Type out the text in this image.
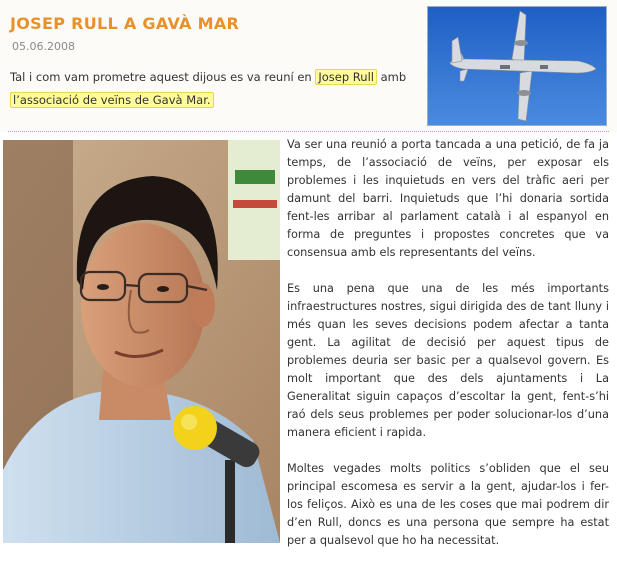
JOSEP RULL A GAVÀ MAR
05.06.2008
Tal i com vam prometre aquest dijous es va reuní en Josep Rull amb
l’associació de veïns de Gavà Mar.

Va ser una reunió a porta tancada a una petició, de fa ja temps, de l’associació de veïns, per exposar els problemes i les inquietuds en vers del tràfic aeri per damunt del barri. Inquietuds que l’hi donaria sortida fent-les arribar al parlament català i al espanyol en forma de preguntes i propostes concretes que va consensua amb els representants del veïns.

Es una pena que una de les més importants infraestructures nostres, sigui dirigida des de tant lluny i més quan les seves decisions podem afectar a tanta gent. La agilitat de decisió per aquest tipus de problemes deuria ser basic per a qualsevol govern. Es molt important que des dels ajuntaments i La Generalitat siguin capaços d’escoltar la gent, fent-s’hi raó dels seus problemes per poder solucionar-los d’una manera eficient i rapida.

Moltes vegades molts politics s’obliden que el seu principal escomesa es servir a la gent, ajudar-los i fer-los feliços. Això es una de les coses que mai podrem dir d’en Rull, doncs es una persona que sempre ha estat per a qualsevol que ho ha necessitat.
